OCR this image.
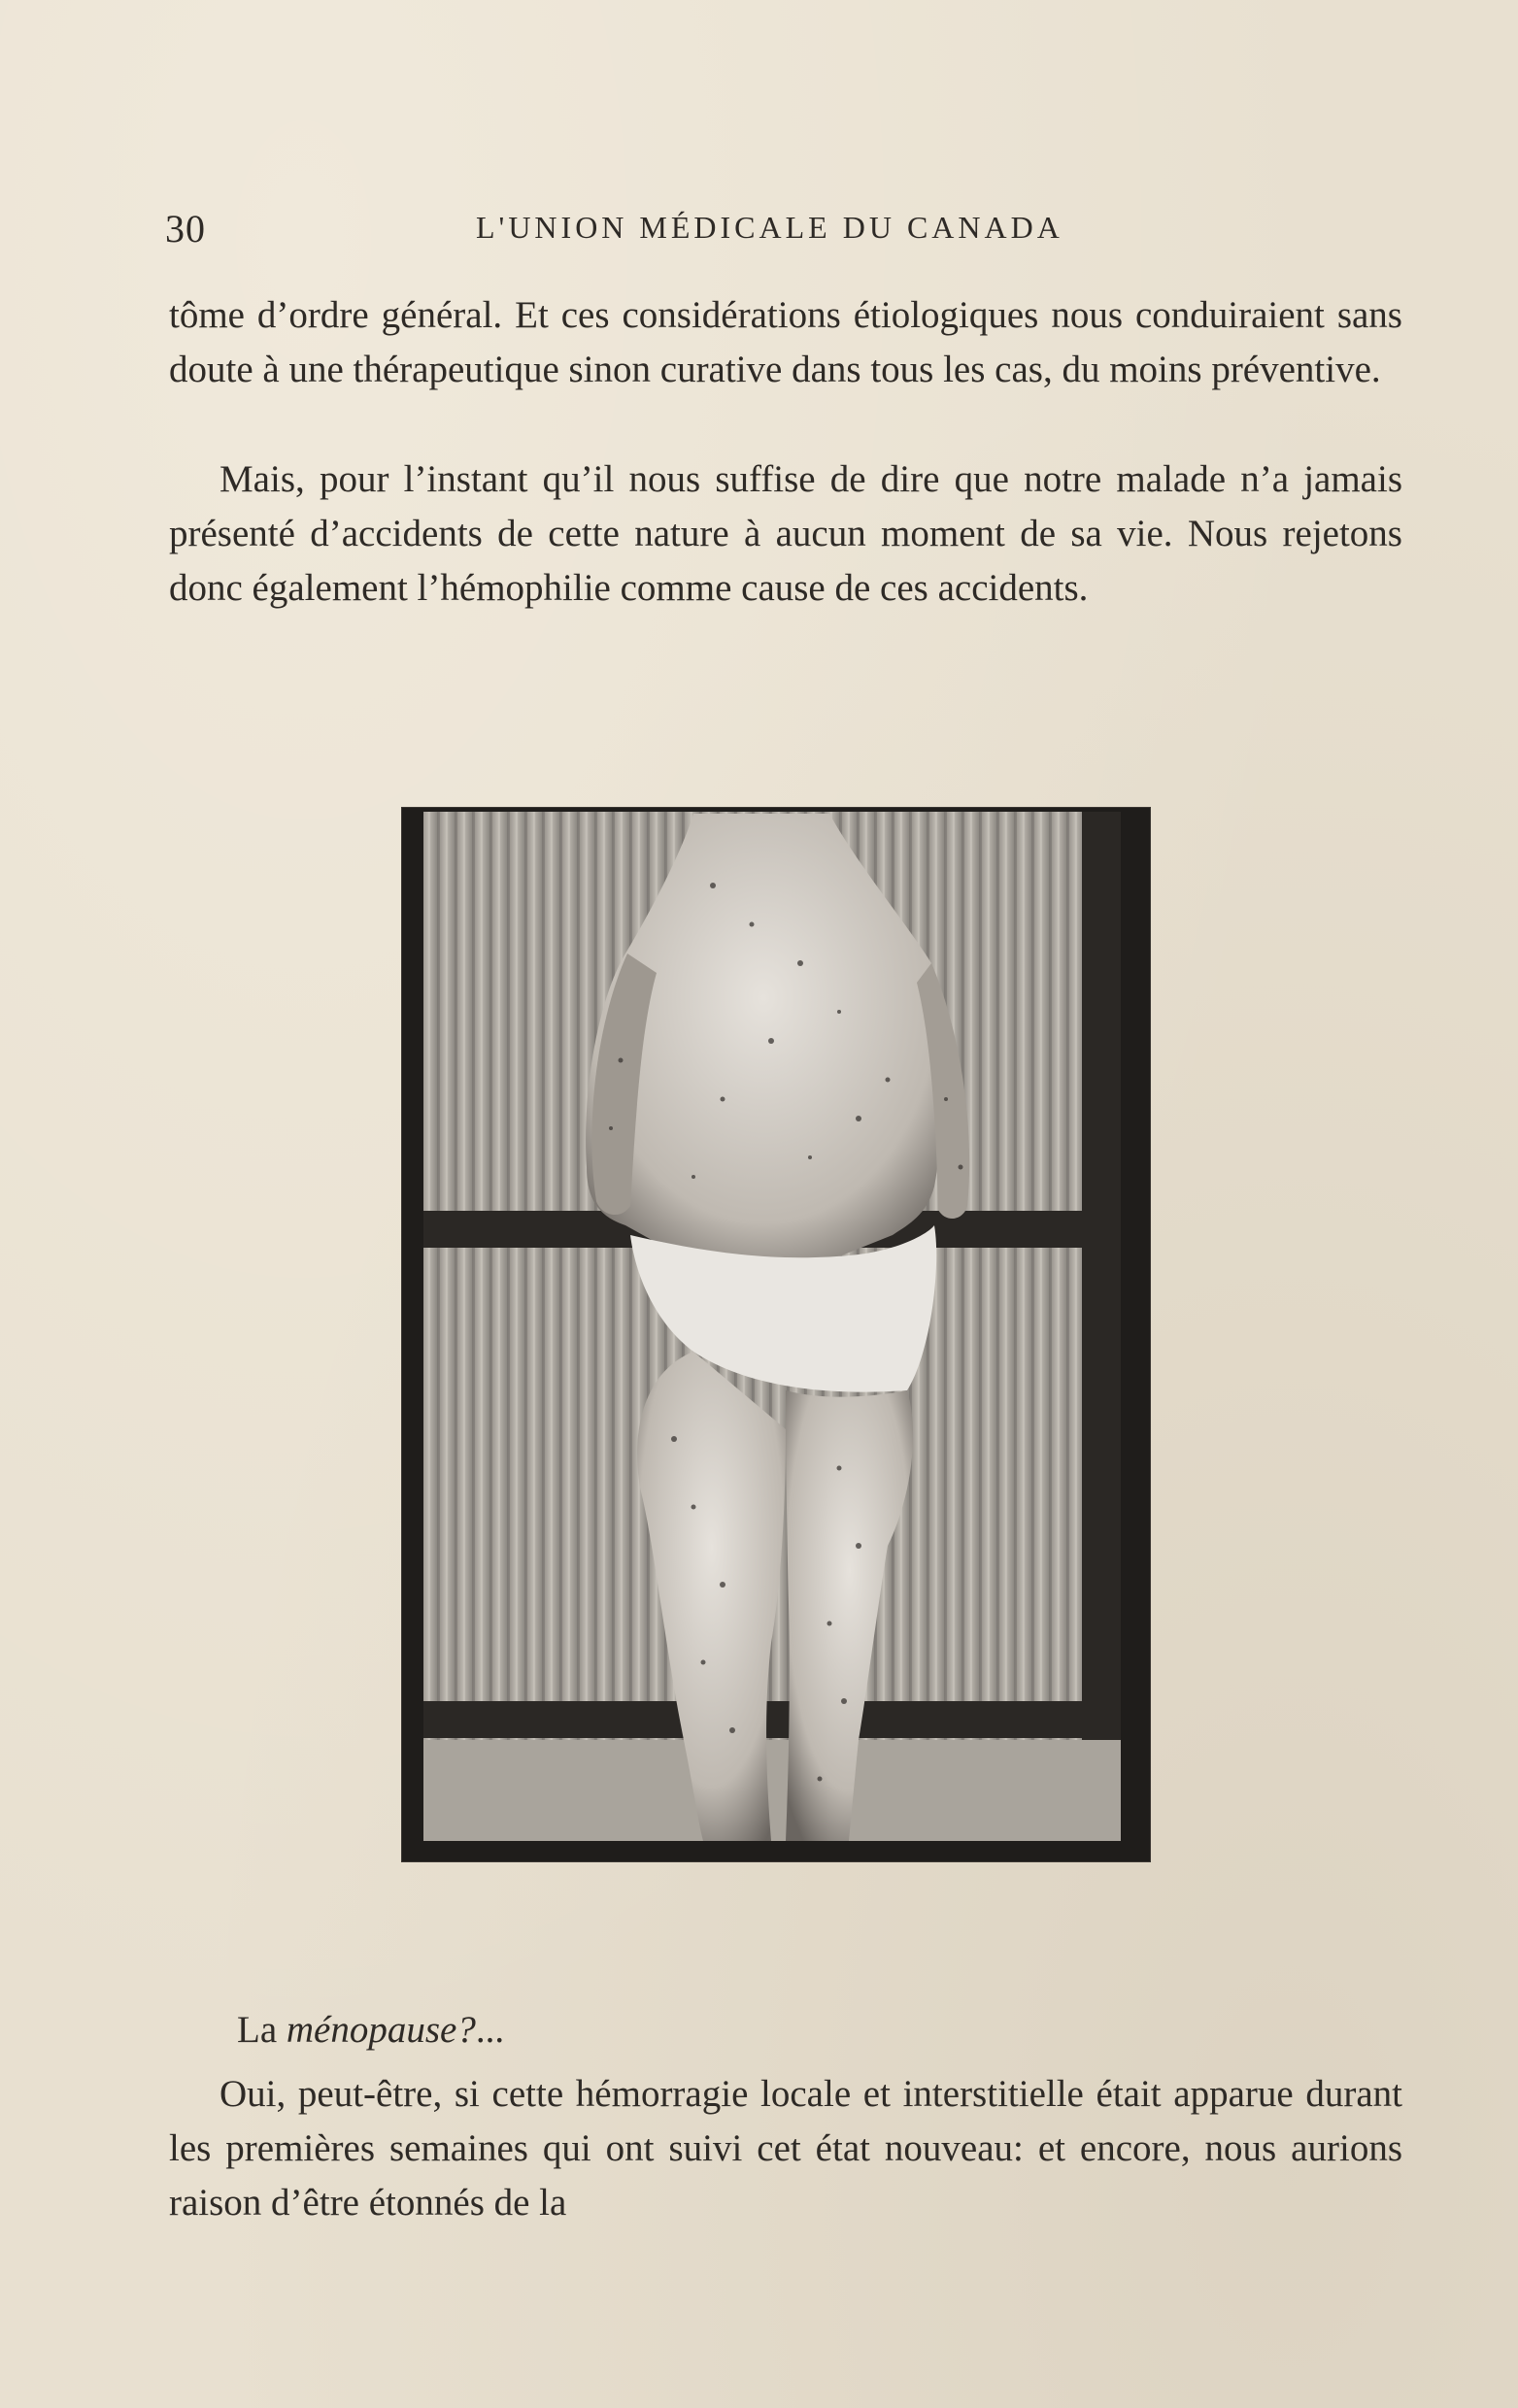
30	L'UNION MÉDICALE DU CANADA

tôme d’ordre général. Et ces considérations étiologiques nous conduiraient sans doute à une thérapeutique sinon curative dans tous les cas, du moins préventive.

Mais, pour l’instant qu’il nous suffise de dire que notre malade n’a jamais présenté d’accidents de cette nature à aucun moment de sa vie. Nous rejetons donc également l’hémophilie comme cause de ces accidents.

La ménopause?...

Oui, peut-être, si cette hémorragie locale et interstitielle était apparue durant les premières semaines qui ont suivi cet état nouveau: et encore, nous aurions raison d’être étonnés de la
